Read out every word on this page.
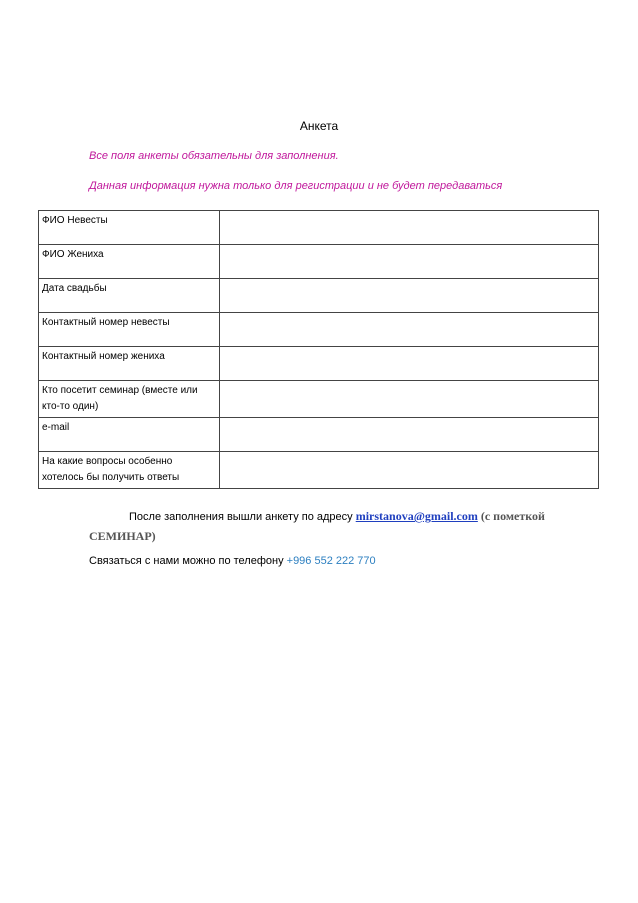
Анкета
Все поля анкеты обязательны для заполнения.
Данная информация нужна только для регистрации и не будет передаваться
ФИО Невесты	
ФИО Жениха	
Дата свадьбы	
Контактный номер невесты	
Контактный номер жениха	
Кто посетит семинар (вместе или кто-то один)	
e-mail	
На какие вопросы особенно хотелось бы получить ответы	
После заполнения вышли анкету по адресу mirstanova@gmail.com (с пометкой СЕМИНАР)
Связаться с нами можно по телефону +996 552 222 770
